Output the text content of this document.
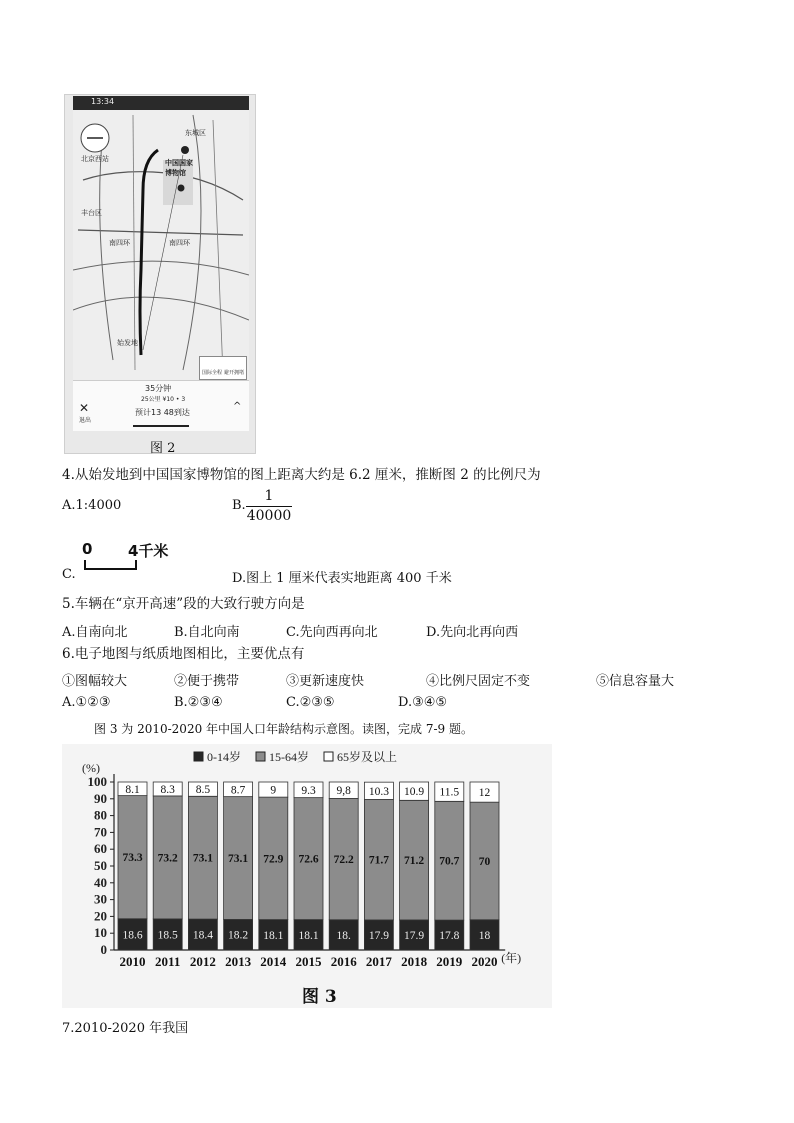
13:34
东城区
中国国家博物馆
北京西站
丰台区
南四环	南四环
始发地
国际全程 避开拥堵
✕
退出
35分钟
25公里 ¥10 • 3
预计13 48到达
^
图 2
4.从始发地到中国国家博物馆的图上距离大约是 6.2 厘米，推断图 2 的比例尺为
A.1:4000	B.
1
40000
0 4千米
C.	D.图上 1 厘米代表实地距离 400 千米
5.车辆在“京开高速”段的大致行驶方向是
A.自南向北	B.自北向南	C.先向西再向北	D.先向北再向西
6.电子地图与纸质地图相比，主要优点有
①图幅较大	②便于携带	③更新速度快	④比例尺固定不变	⑤信息容量大
A.①②③	B.②③④	C.②③⑤	D.③④⑤
图 3 为 2010-2020 年中国人口年龄结构示意图。读图，完成 7-9 题。
(%)
0
10
20
30
40
50
60
70
80
90
100
0-14岁 15-64岁 65岁及以上
18.6
73.3
8.1
2010
18.5
73.2
8.3
2011
18.4
73.1
8.5
2012
18.2
73.1
8.7
2013
18.1
72.9
9
2014
18.1
72.6
9.3
2015
18.
72.2
9,8
2016
17.9
71.7
10.3
2017
17.9
71.2
10.9
2018
17.8
70.7
11.5
2019
18
70
12
2020 (年)
图 3
7.2010-2020 年我国
